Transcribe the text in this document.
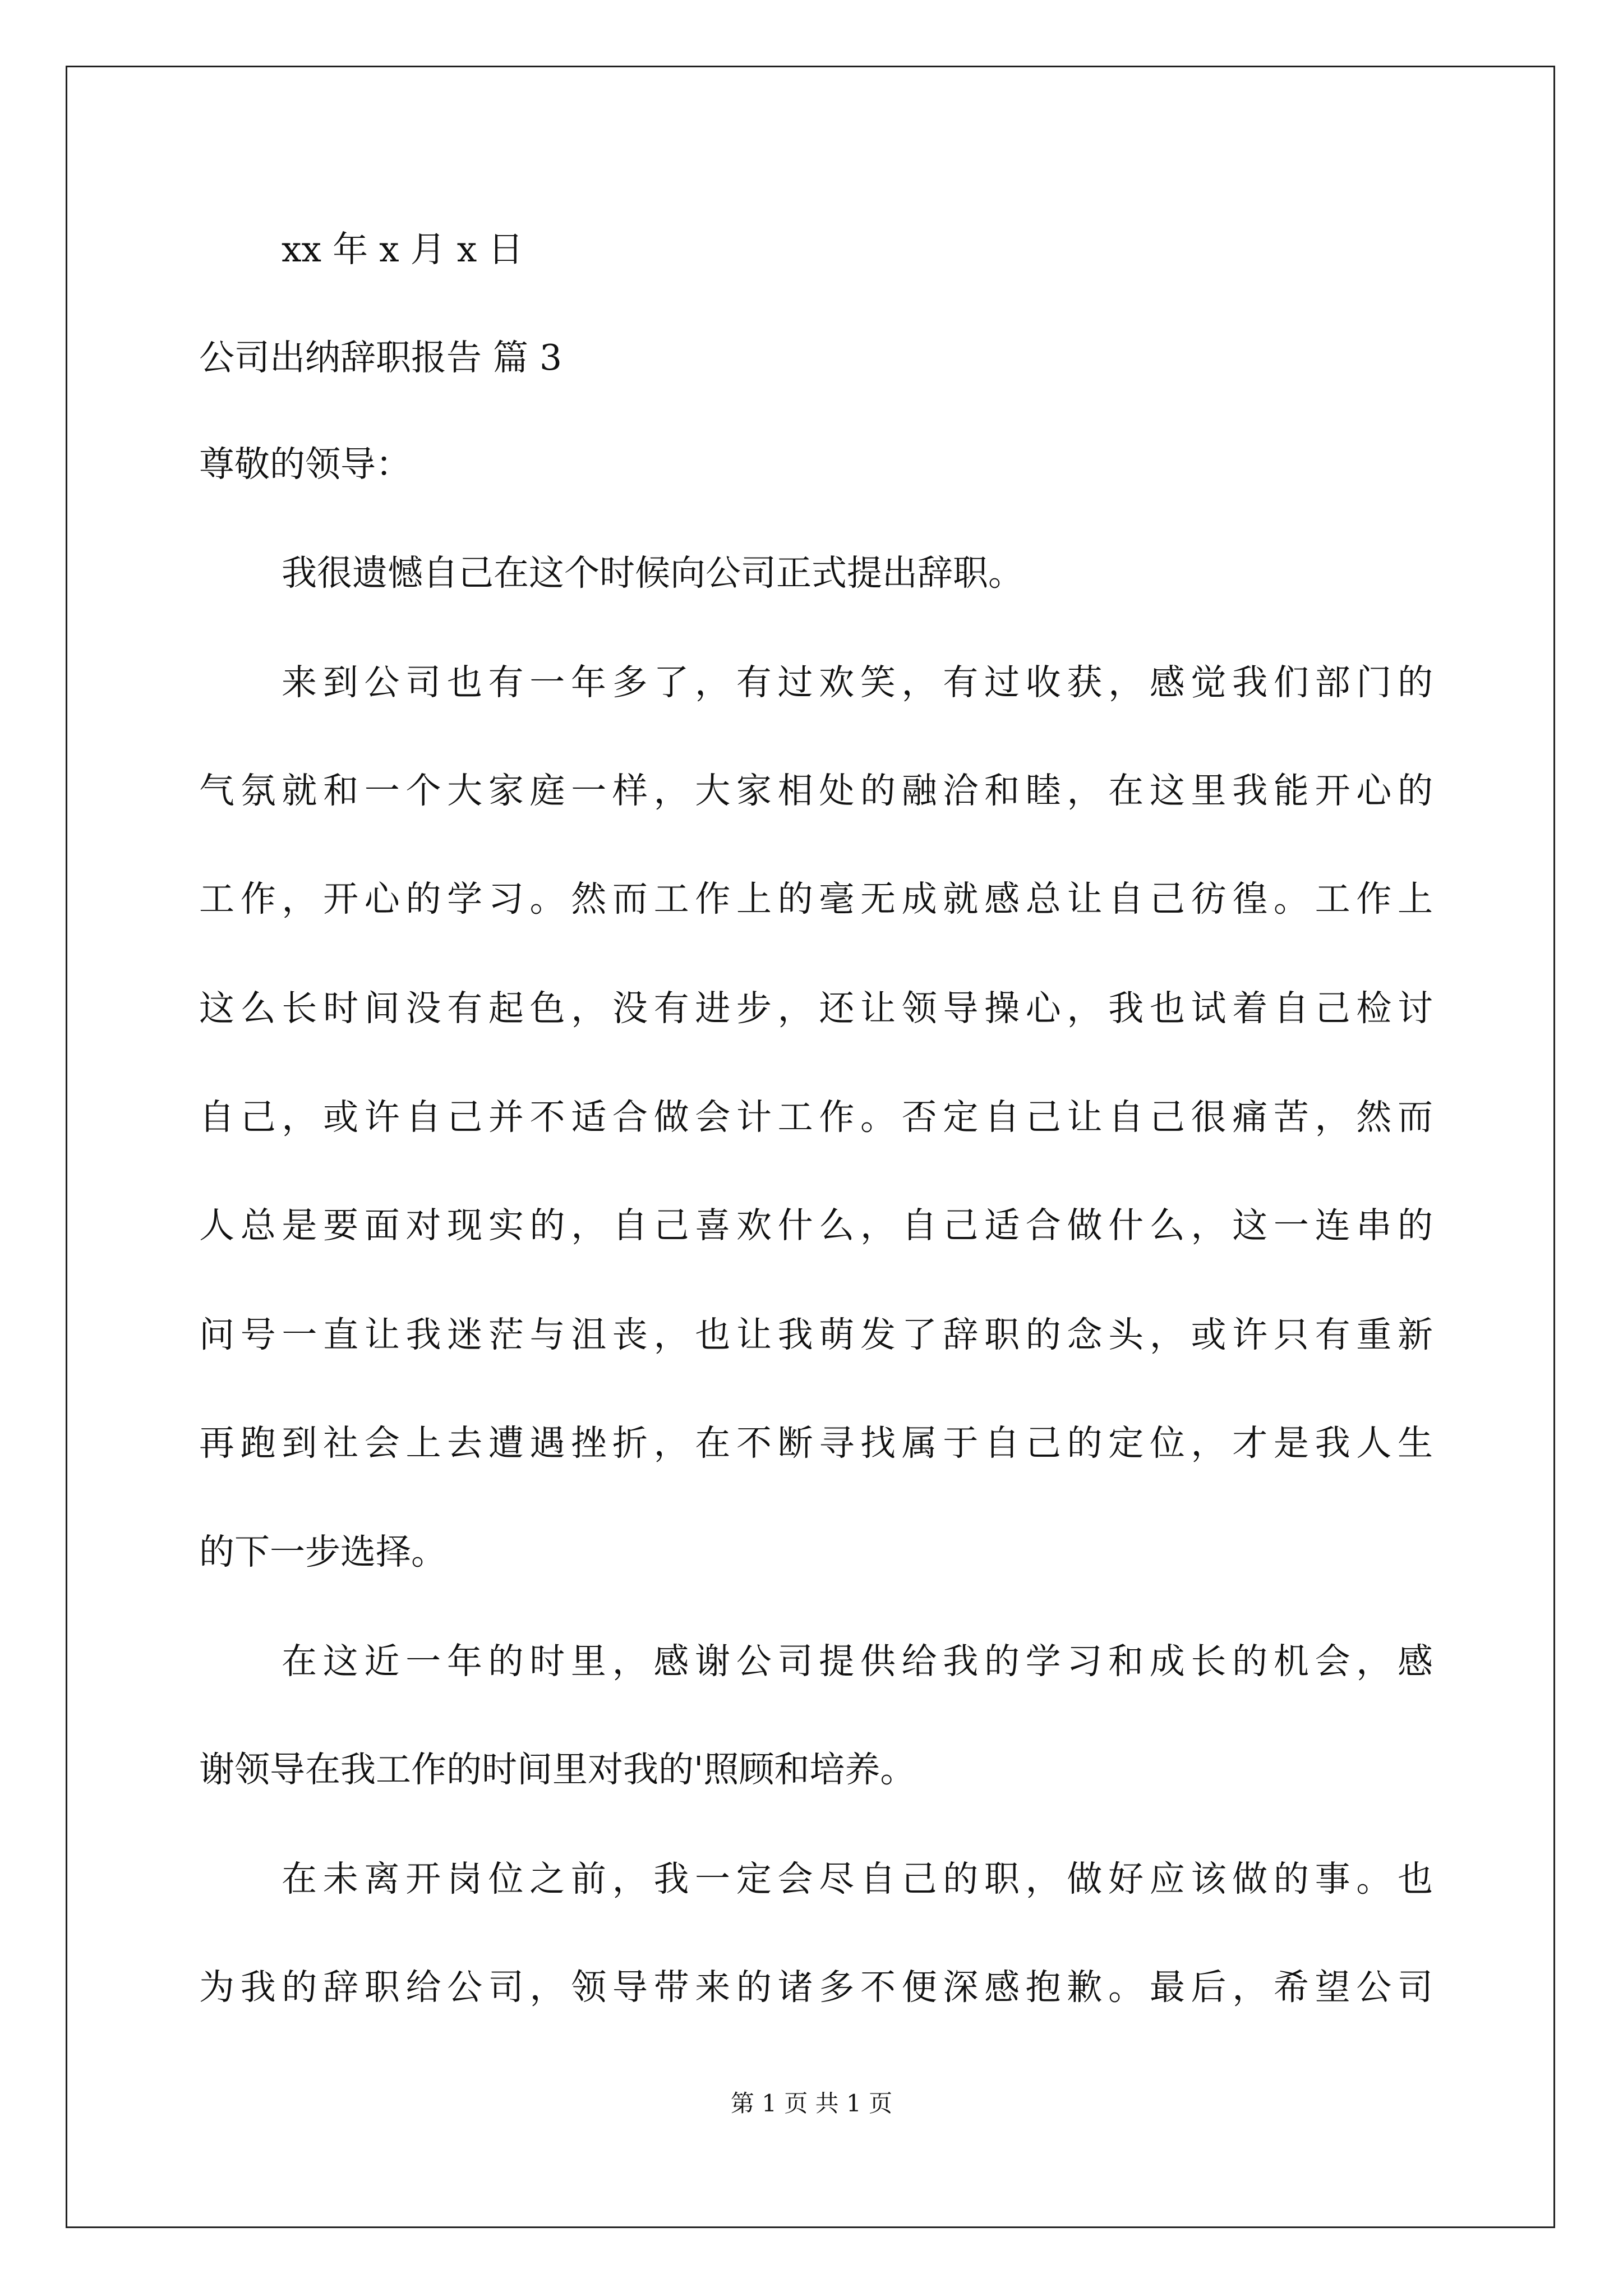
xx 年 x 月 x 日
公司出纳辞职报告 篇 3
尊敬的领导：
我很遗憾自己在这个时候向公司正式提出辞职。
来到公司也有一年多了，有过欢笑，有过收获，感觉我们部门的
气氛就和一个大家庭一样，大家相处的融洽和睦，在这里我能开心的
工作，开心的学习。然而工作上的毫无成就感总让自己彷徨。工作上
这么长时间没有起色，没有进步，还让领导操心，我也试着自己检讨
自己，或许自己并不适合做会计工作。否定自己让自己很痛苦，然而
人总是要面对现实的，自己喜欢什么，自己适合做什么，这一连串的
问号一直让我迷茫与沮丧，也让我萌发了辞职的念头，或许只有重新
再跑到社会上去遭遇挫折，在不断寻找属于自己的定位，才是我人生
的下一步选择。
在这近一年的时里，感谢公司提供给我的学习和成长的机会，感
谢领导在我工作的时间里对我的'照顾和培养。
在未离开岗位之前，我一定会尽自己的职，做好应该做的事。也
为我的辞职给公司，领导带来的诸多不便深感抱歉。最后，希望公司
第 1 页 共 1 页
